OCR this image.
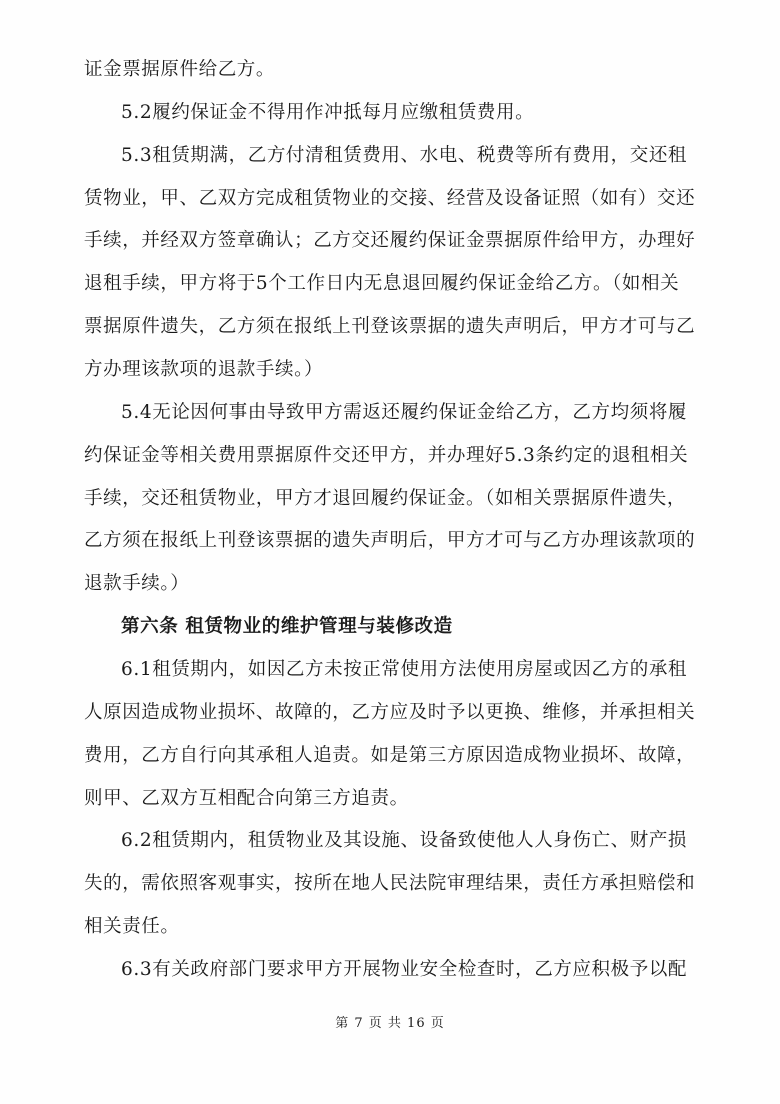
证金票据原件给乙方。
5.2履约保证金不得用作冲抵每月应缴租赁费用。
5.3租赁期满，乙方付清租赁费用、水电、税费等所有费用，交还租
赁物业，甲、乙双方完成租赁物业的交接、经营及设备证照（如有）交还
手续，并经双方签章确认；乙方交还履约保证金票据原件给甲方，办理好
退租手续，甲方将于5个工作日内无息退回履约保证金给乙方。（如相关
票据原件遗失，乙方须在报纸上刊登该票据的遗失声明后，甲方才可与乙
方办理该款项的退款手续。）
5.4无论因何事由导致甲方需返还履约保证金给乙方，乙方均须将履
约保证金等相关费用票据原件交还甲方，并办理好5.3条约定的退租相关
手续，交还租赁物业，甲方才退回履约保证金。（如相关票据原件遗失，
乙方须在报纸上刊登该票据的遗失声明后，甲方才可与乙方办理该款项的
退款手续。）
第六条 租赁物业的维护管理与装修改造
6.1租赁期内，如因乙方未按正常使用方法使用房屋或因乙方的承租
人原因造成物业损坏、故障的，乙方应及时予以更换、维修，并承担相关
费用，乙方自行向其承租人追责。如是第三方原因造成物业损坏、故障，
则甲、乙双方互相配合向第三方追责。
6.2租赁期内，租赁物业及其设施、设备致使他人人身伤亡、财产损
失的，需依照客观事实，按所在地人民法院审理结果，责任方承担赔偿和
相关责任。
6.3有关政府部门要求甲方开展物业安全检查时，乙方应积极予以配
第 7 页 共 16 页
